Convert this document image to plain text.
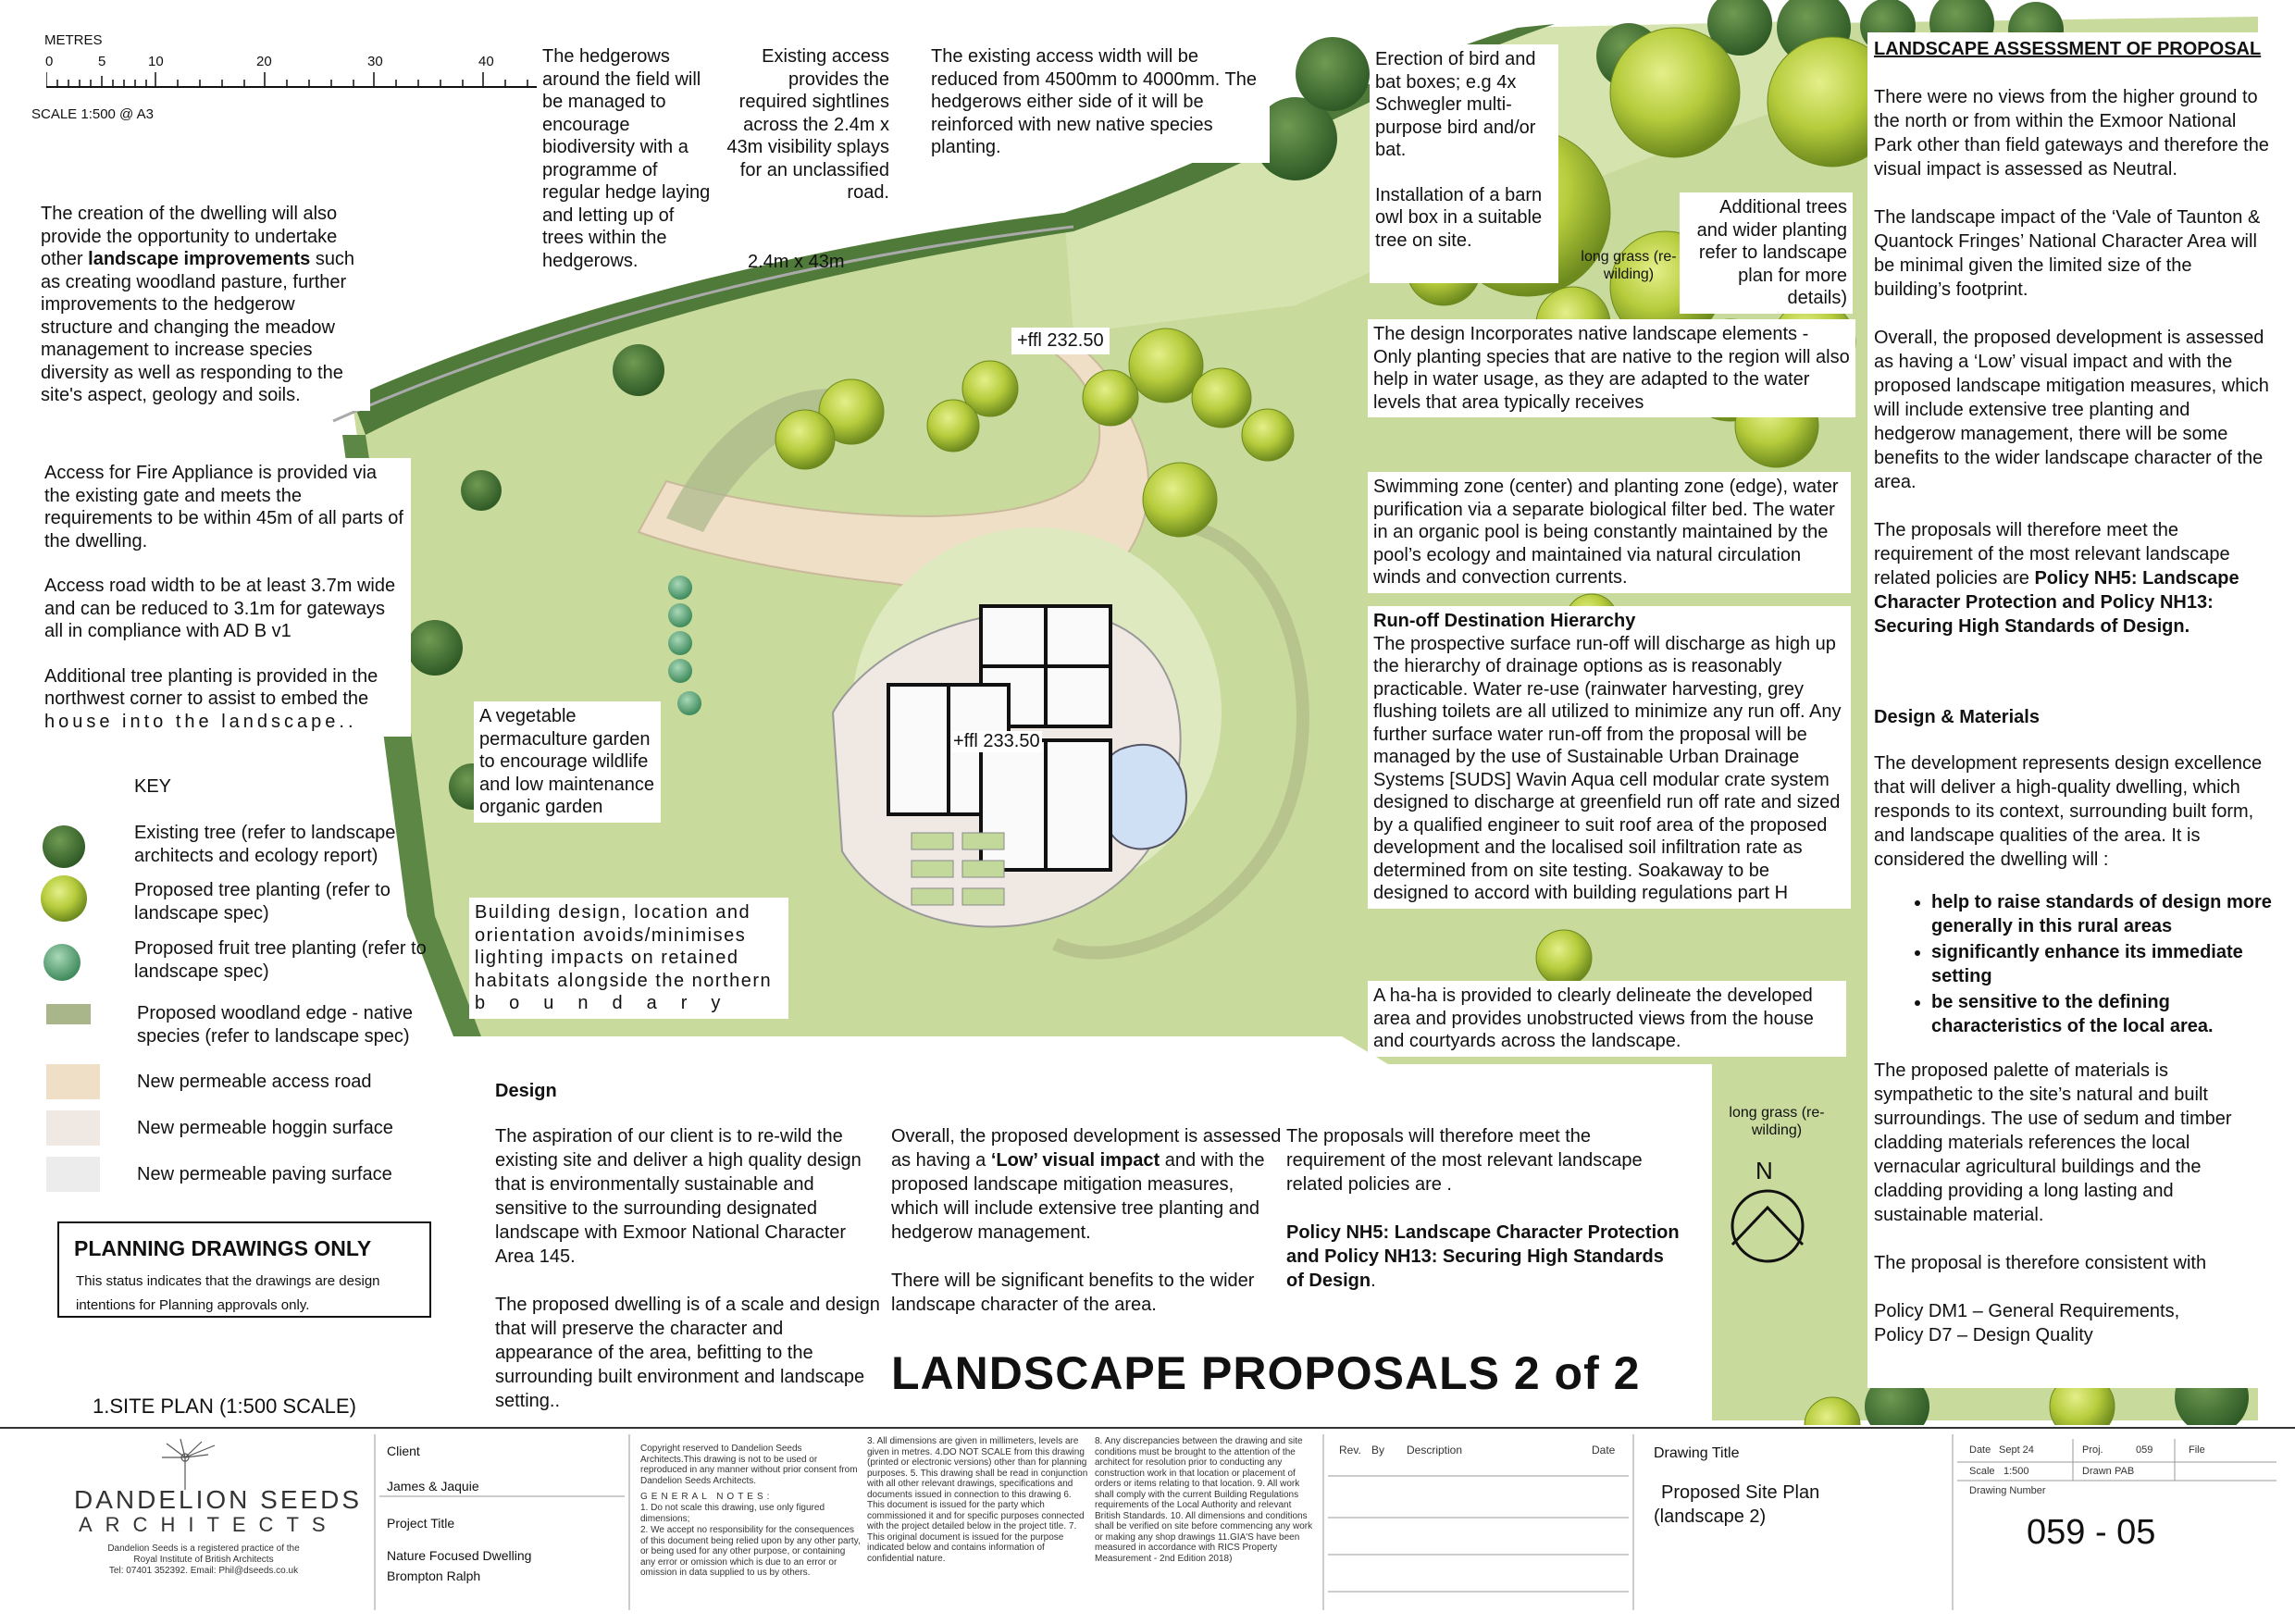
METRES
0	5	10	20	30	40
SCALE 1:500 @ A3
The creation of the dwelling will also provide the opportunity to undertake other landscape improvements such as creating woodland pasture, further improvements to the hedgerow structure and changing the meadow management to increase species diversity as well as responding to the site's aspect, geology and soils.
The hedgerows around the field will be managed to encourage biodiversity with a programme of regular hedge laying and letting up of trees within the hedgerows.
Existing access provides the required sightlines across the 2.4m x 43m visibility splays for an unclassified road.
2.4m x 43m
The existing access width will be reduced from 4500mm to 4000mm. The hedgerows either side of it will be reinforced with new native species planting.
Erection of bird and bat boxes; e.g 4x Schwegler multi-purpose bird and/or bat.
Installation of a barn owl box in a suitable tree on site.
Additional trees and wider planting refer to landscape plan for more details)
long grass (re-wilding)
+ffl 232.50	The design Incorporates native landscape elements - Only planting species that are native to the region will also help in water usage, as they are adapted to the water levels that area typically receives
Access for Fire Appliance is provided via the existing gate and meets the requirements to be within 45m of all parts of the dwelling.
Access road width to be at least 3.7m wide and can be reduced to 3.1m for gateways all in compliance with AD B v1
Additional tree planting is provided in the northwest corner to assist to embed the
house into the landscape..
Swimming zone (center) and planting zone (edge), water purification via a separate biological filter bed. The water in an organic pool is being constantly maintained by the pool’s ecology and maintained via natural circulation winds and convection currents.
Run-off Destination Hierarchy
The prospective surface run-off will discharge as high up the hierarchy of drainage options as is reasonably practicable. Water re-use (rainwater harvesting, grey flushing toilets are all utilized to minimize any run off. Any further surface water run-off from the proposal will be managed by the use of Sustainable Urban Drainage Systems [SUDS] Wavin Aqua cell modular crate system designed to discharge at greenfield run off rate and sized by a qualified engineer to suit roof area of the proposed development and the localised soil infiltration rate as determined from on site testing. Soakaway to be designed to accord with building regulations part H
A vegetable permaculture garden to encourage wildlife and low maintenance organic garden
Building design, location and orientation avoids/minimises lighting impacts on retained habitats alongside the northern
boundary
+ffl 233.50
A ha-ha is provided to clearly delineate the developed area and provides unobstructed views from the house and courtyards across the landscape.
long grass (re-wilding)
N
KEY
Existing tree (refer to landscape architects and ecology report)
Proposed tree planting (refer to landscape spec)
Proposed fruit tree planting (refer to landscape spec)
Proposed woodland edge - native species (refer to landscape spec)
New permeable access road
New permeable hoggin surface
New permeable paving surface
PLANNING DRAWINGS ONLY
This status indicates that the drawings are design intentions for Planning approvals only.
1.SITE PLAN (1:500 SCALE)
Design
The aspiration of our client is to re-wild the existing site and deliver a high quality design that is environmentally sustainable and sensitive to the surrounding designated landscape with Exmoor National Character Area 145.
The proposed dwelling is of a scale and design that will preserve the character and appearance of the area, befitting to the surrounding built environment and landscape setting..
Overall, the proposed development is assessed as having a ‘Low’ visual impact and with the proposed landscape mitigation measures, which will include extensive tree planting and hedgerow management.
There will be significant benefits to the wider landscape character of the area.
The proposals will therefore meet the requirement of the most relevant landscape related policies are .
Policy NH5: Landscape Character Protection and Policy NH13: Securing High Standards of Design.
LANDSCAPE PROPOSALS 2 of 2
LANDSCAPE ASSESSMENT OF PROPOSAL
There were no views from the higher ground to the north or from within the Exmoor National Park other than field gateways and therefore the visual impact is assessed as Neutral.
The landscape impact of the ‘Vale of Taunton & Quantock Fringes’ National Character Area will be minimal given the limited size of the building’s footprint.
Overall, the proposed development is assessed as having a ‘Low’ visual impact and with the proposed landscape mitigation measures, which will include extensive tree planting and hedgerow management, there will be some benefits to the wider landscape character of the area.
The proposals will therefore meet the requirement of the most relevant landscape related policies are Policy NH5: Landscape Character Protection and Policy NH13: Securing High Standards of Design.
Design & Materials
The development represents design excellence that will deliver a high-quality dwelling, which responds to its context, surrounding built form, and landscape qualities of the area. It is considered the dwelling will :
• help to raise standards of design more generally in this rural areas
• significantly enhance its immediate setting
• be sensitive to the defining characteristics of the local area.
The proposed palette of materials is sympathetic to the site’s natural and built surroundings. The use of sedum and timber cladding materials references the local vernacular agricultural buildings and the cladding providing a long lasting and sustainable material.
The proposal is therefore consistent with
Policy DM1 – General Requirements,
Policy D7 – Design Quality
DANDELION SEEDS
ARCHITECTS
Dandelion Seeds is a registered practice of the
Royal Institute of British Architects
Tel: 07401 352392. Email: Phil@dseeds.co.uk
Client
James & Jaquie
Project Title
Nature Focused Dwelling
Brompton Ralph
Copyright reserved to Dandelion Seeds Architects.This drawing is not to be used or reproduced in any manner without prior consent from Dandelion Seeds Architects.
GENERAL NOTES:
1. Do not scale this drawing, use only figured dimensions;
2. We accept no responsibility for the consequences of this document being relied upon by any other party, or being used for any other purpose, or containing any error or omission which is due to an error or omission in data supplied to us by others.
3. All dimensions are given in millimeters, levels are given in metres. 4.DO NOT SCALE from this drawing (printed or electronic versions) other than for planning purposes. 5. This drawing shall be read in conjunction with all other relevant drawings, specifications and documents issued in connection to this drawing 6. This document is issued for the party which commissioned it and for specific purposes connected with the project detailed below in the project title. 7. This original document is issued for the purpose indicated below and contains information of confidential nature.
8. Any discrepancies between the drawing and site conditions must be brought to the attention of the architect for resolution prior to conducting any construction work in that location or placement of orders or items relating to that location. 9. All work shall comply with the current Building Regulations requirements of the Local Authority and relevant British Standards. 10. All dimensions and conditions shall be verified on site before commencing any work or making any shop drawings 11.GIA'S have been measured in accordance with RICS Property Measurement - 2nd Edition 2018)
Rev. By Description	Date	Drawing Title
Proposed Site Plan
(landscape 2)
Date Sept 24	Proj.	059	File
Scale 1:500	Drawn PAB
Drawing Number
059 - 05
